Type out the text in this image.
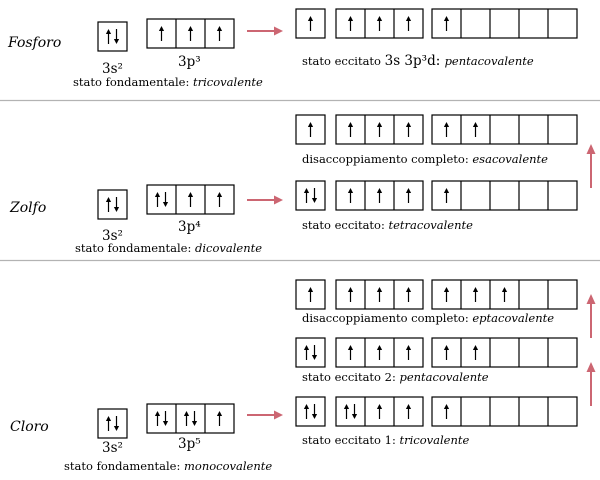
Fosforo
Zolfo
Cloro
3s²	3p³
stato fondamentale: tricovalente
stato eccitato 3s 3p³d: pentacovalente
3s²
3p⁴
stato fondamentale: dicovalente
stato eccitato: tetracovalente
disaccoppiamento completo: esacovalente
3s²	3p⁵
stato fondamentale: monocovalente
stato eccitato 1: tricovalente
stato eccitato 2: pentacovalente
disaccoppiamento completo: eptacovalente
